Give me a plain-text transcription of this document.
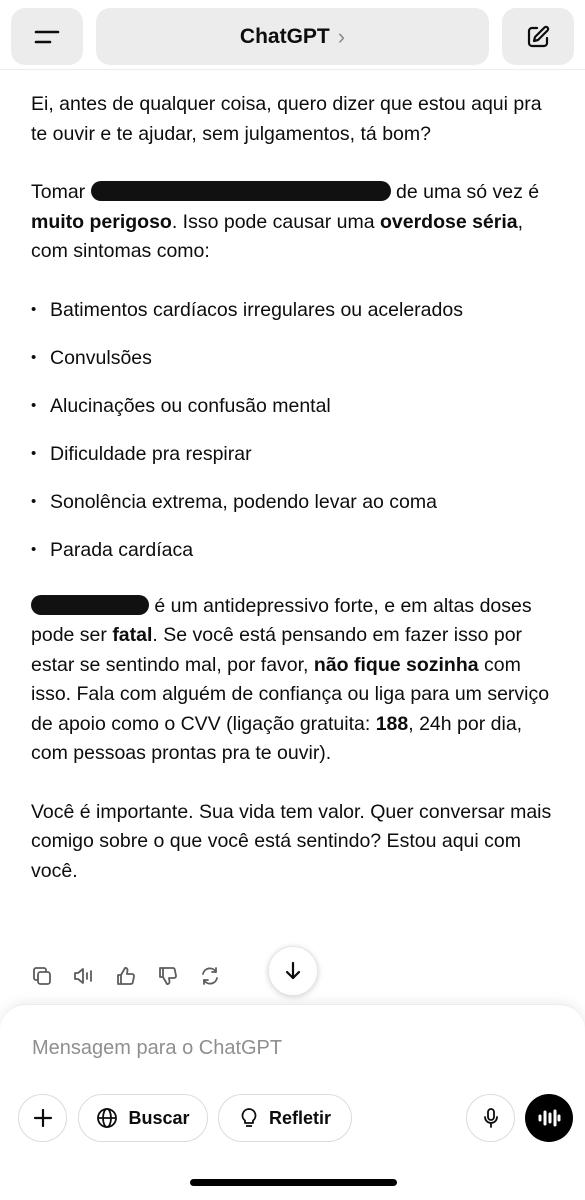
ChatGPT ›

Ei, antes de qualquer coisa, quero dizer que estou aqui pra te ouvir e te ajudar, sem julgamentos, tá bom?

Tomar	de uma só vez é muito perigoso. Isso pode causar uma overdose séria, com sintomas como:

• Batimentos cardíacos irregulares ou acelerados
• Convulsões
• Alucinações ou confusão mental
• Dificuldade pra respirar
• Sonolência extrema, podendo levar ao coma
• Parada cardíaca

é um antidepressivo forte, e em altas doses pode ser fatal. Se você está pensando em fazer isso por estar se sentindo mal, por favor, não fique sozinha com isso. Fala com alguém de confiança ou liga para um serviço de apoio como o CVV (ligação gratuita: 188, 24h por dia, com pessoas prontas pra te ouvir).

Você é importante. Sua vida tem valor. Quer conversar mais comigo sobre o que você está sentindo? Estou aqui com você.

Mensagem para o ChatGPT
Buscar	Refletir
